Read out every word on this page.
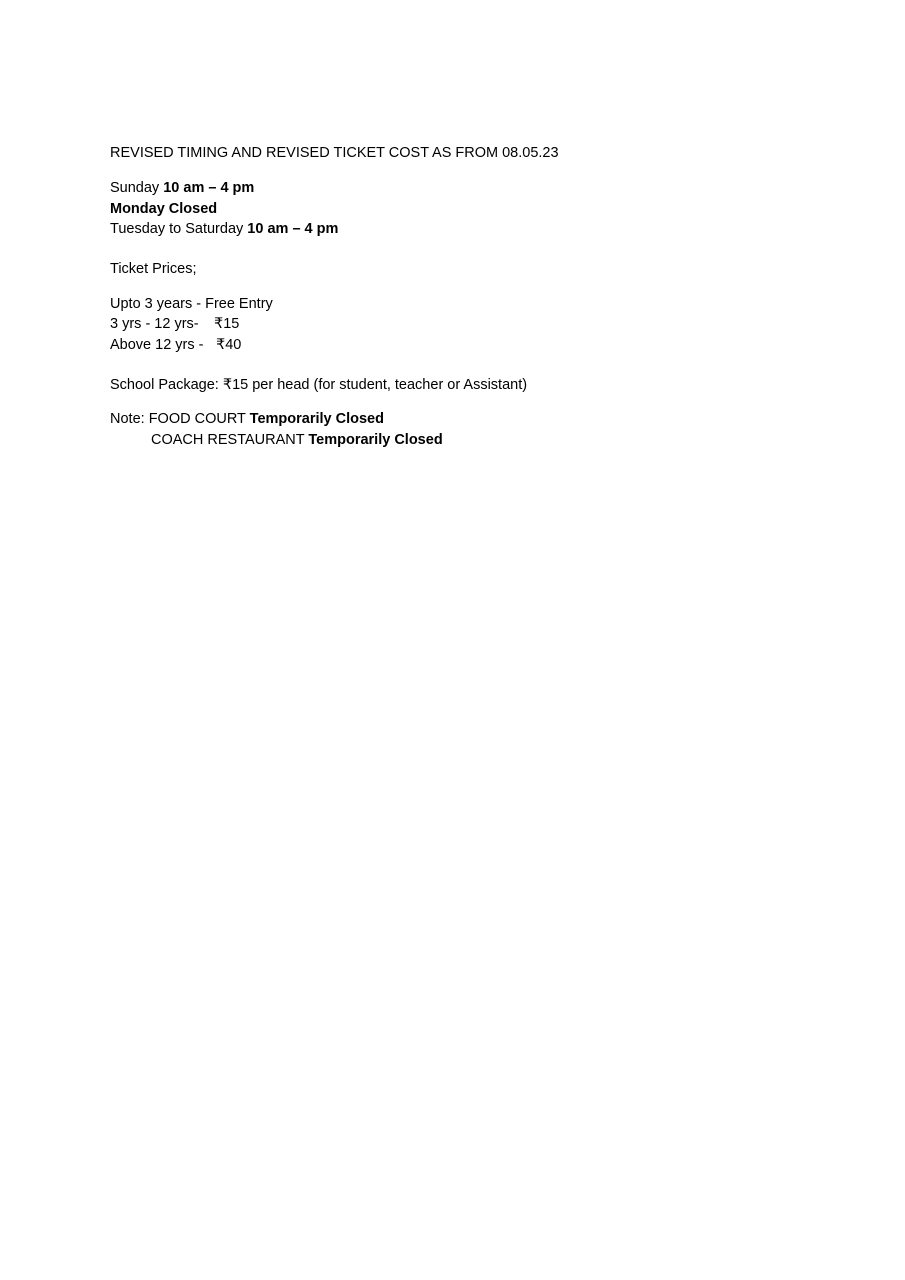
REVISED TIMING AND REVISED TICKET COST AS FROM 08.05.23
Sunday 10 am – 4 pm
Monday Closed
Tuesday to Saturday 10 am – 4 pm
Ticket Prices;
Upto 3 years - Free Entry
3 yrs - 12 yrs- ₹15
Above 12 yrs - ₹40
School Package: ₹15 per head (for student, teacher or Assistant)
Note: FOOD COURT Temporarily Closed
COACH RESTAURANT Temporarily Closed
